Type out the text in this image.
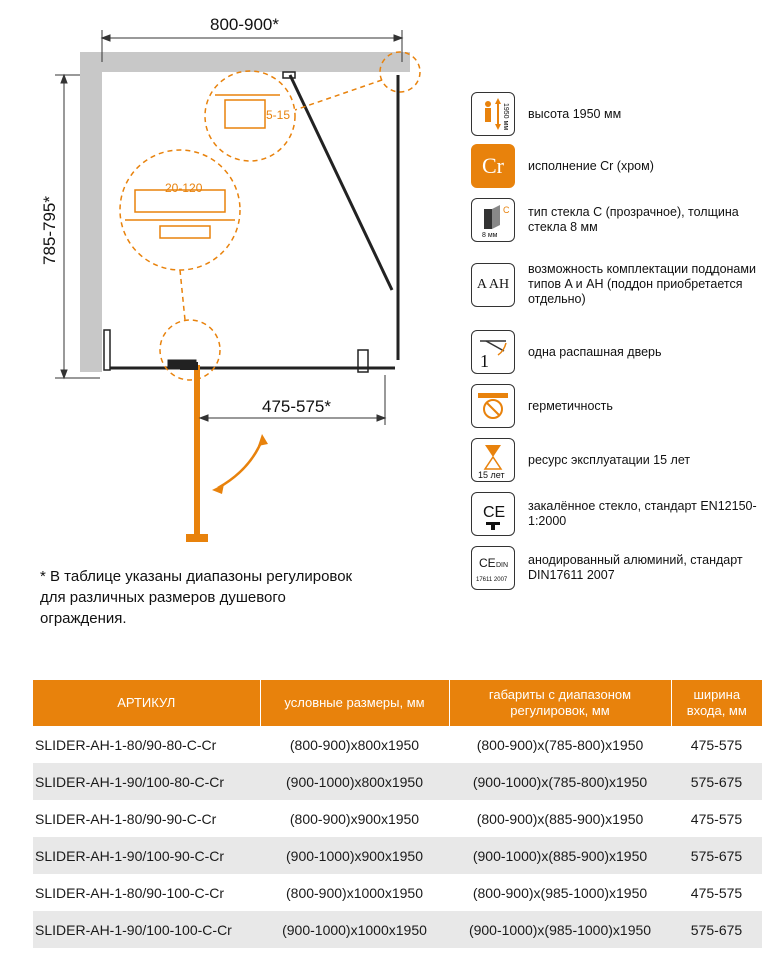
800-900*
785-795*
5-15
20-120
475-575*
* В таблице указаны диапазоны регулировок для различных размеров душевого ограждения.
1950 мм высота 1950 мм
Cr исполнение Cr (хром)
C
8 мм
тип стекла C (прозрачное), толщина стекла 8 мм
A AH
возможность комплектации поддонами типов A и AH (поддон приобретается отдельно)
1	одна распашная дверь
герметичность
15 лет
ресурс эксплуатации 15 лет
CE закалённое стекло, стандарт EN12150-1:2000
CE DIN
17611 2007
анодированный алюминий, стандарт DIN17611 2007
АРТИКУЛ	условные размеры, мм	габариты с диапазоном регулировок, мм	ширина входа, мм
SLIDER-AH-1-80/90-80-C-Cr	(800-900)x800x1950	(800-900)x(785-800)x1950	475-575
SLIDER-AH-1-90/100-80-C-Cr	(900-1000)x800x1950	(900-1000)x(785-800)x1950	575-675
SLIDER-AH-1-80/90-90-C-Cr	(800-900)x900x1950	(800-900)x(885-900)x1950	475-575
SLIDER-AH-1-90/100-90-C-Cr	(900-1000)x900x1950	(900-1000)x(885-900)x1950	575-675
SLIDER-AH-1-80/90-100-C-Cr	(800-900)x1000x1950	(800-900)x(985-1000)x1950	475-575
SLIDER-AH-1-90/100-100-C-Cr	(900-1000)x1000x1950	(900-1000)x(985-1000)x1950	575-675
